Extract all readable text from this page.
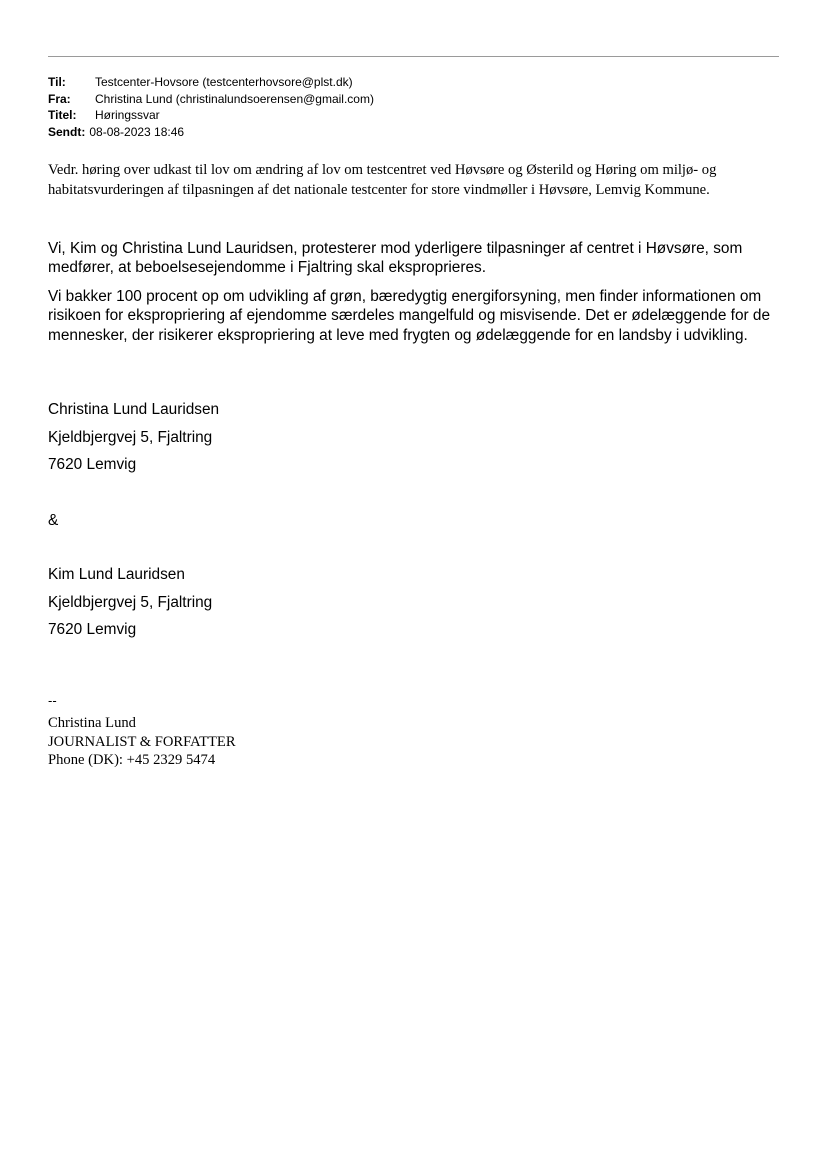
Til:	Testcenter-Hovsore (testcenterhovsore@plst.dk)
Fra:	Christina Lund (christinalundsoerensen@gmail.com)
Titel:	Høringssvar
Sendt: 08-08-2023 18:46
Vedr. høring over udkast til lov om ændring af lov om testcentret ved Høvsøre og Østerild og Høring om miljø- og habitatsvurderingen af tilpasningen af det nationale testcenter for store vindmøller i Høvsøre, Lemvig Kommune.

Vi, Kim og Christina Lund Lauridsen, protesterer mod yderligere tilpasninger af centret i Høvsøre, som medfører, at beboelsesejendomme i Fjaltring skal eksproprieres.

Vi bakker 100 procent op om udvikling af grøn, bæredygtig energiforsyning, men finder informationen om risikoen for ekspropriering af ejendomme særdeles mangelfuld og misvisende. Det er ødelæggende for de mennesker, der risikerer ekspropriering at leve med frygten og ødelæggende for en landsby i udvikling.

Christina Lund Lauridsen
Kjeldbjergvej 5, Fjaltring
7620 Lemvig
&
Kim Lund Lauridsen
Kjeldbjergvej 5, Fjaltring
7620 Lemvig
--
Christina Lund
JOURNALIST & FORFATTER
Phone (DK): +45 2329 5474
